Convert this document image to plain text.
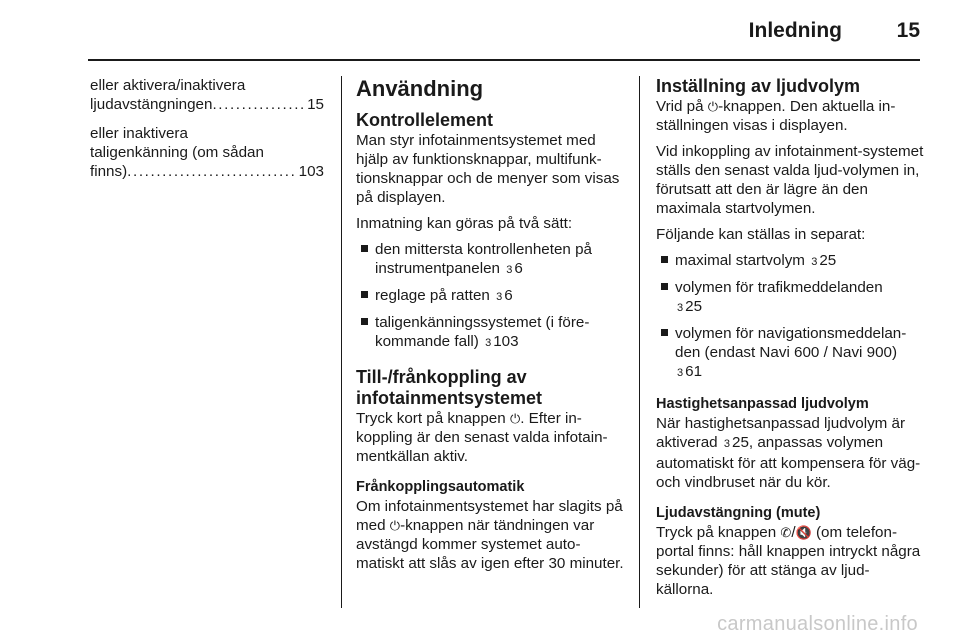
Inledning	15
eller aktivera/inaktivera
ljudavstängningen . . .	15
eller inaktivera
taligenkänning (om sådan
finns) . . .	103
Användning
Kontrollelement

Man styr infotainmentsystemet med hjälp av funktionsknappar, multifunk-tionsknappar och de menyer som visas på displayen.

Inmatning kan göras på två sätt:

den mittersta kontrollenheten på instrumentpanelen 3 6
reglage på ratten 3 6
taligenkänningssystemet (i före-kommande fall) 3 103
Till-/frånkoppling av
infotainmentsystemet

Tryck kort på knappen ⏻. Efter in-koppling är den senast valda infotain-mentkällan aktiv.

Frånkopplingsautomatik

Om infotainmentsystemet har slagits på med ⏻-knappen när tändningen var avstängd kommer systemet auto-matiskt att slås av igen efter 30 minuter.

Inställning av ljudvolym

Vrid på ⏻-knappen. Den aktuella in-ställningen visas i displayen.

Vid inkoppling av infotainment-systemet ställs den senast valda ljud-volymen in, förutsatt att den är lägre än den maximala startvolymen.

Följande kan ställas in separat:

maximal startvolym 3 25
volymen för trafikmeddelanden
3 25
volymen för navigationsmeddelan-den (endast Navi 600 / Navi 900)
3 61
Hastighetsanpassad ljudvolym

När hastighetsanpassad ljudvolym är aktiverad 3 25, anpassas volymen automatiskt för att kompensera för väg- och vindbruset när du kör.

Ljudavstängning (mute)

Tryck på knappen ✆/🔇 (om telefon-portal finns: håll knappen intryckt några sekunder) för att stänga av ljud-källorna.

carmanualsonline.info
